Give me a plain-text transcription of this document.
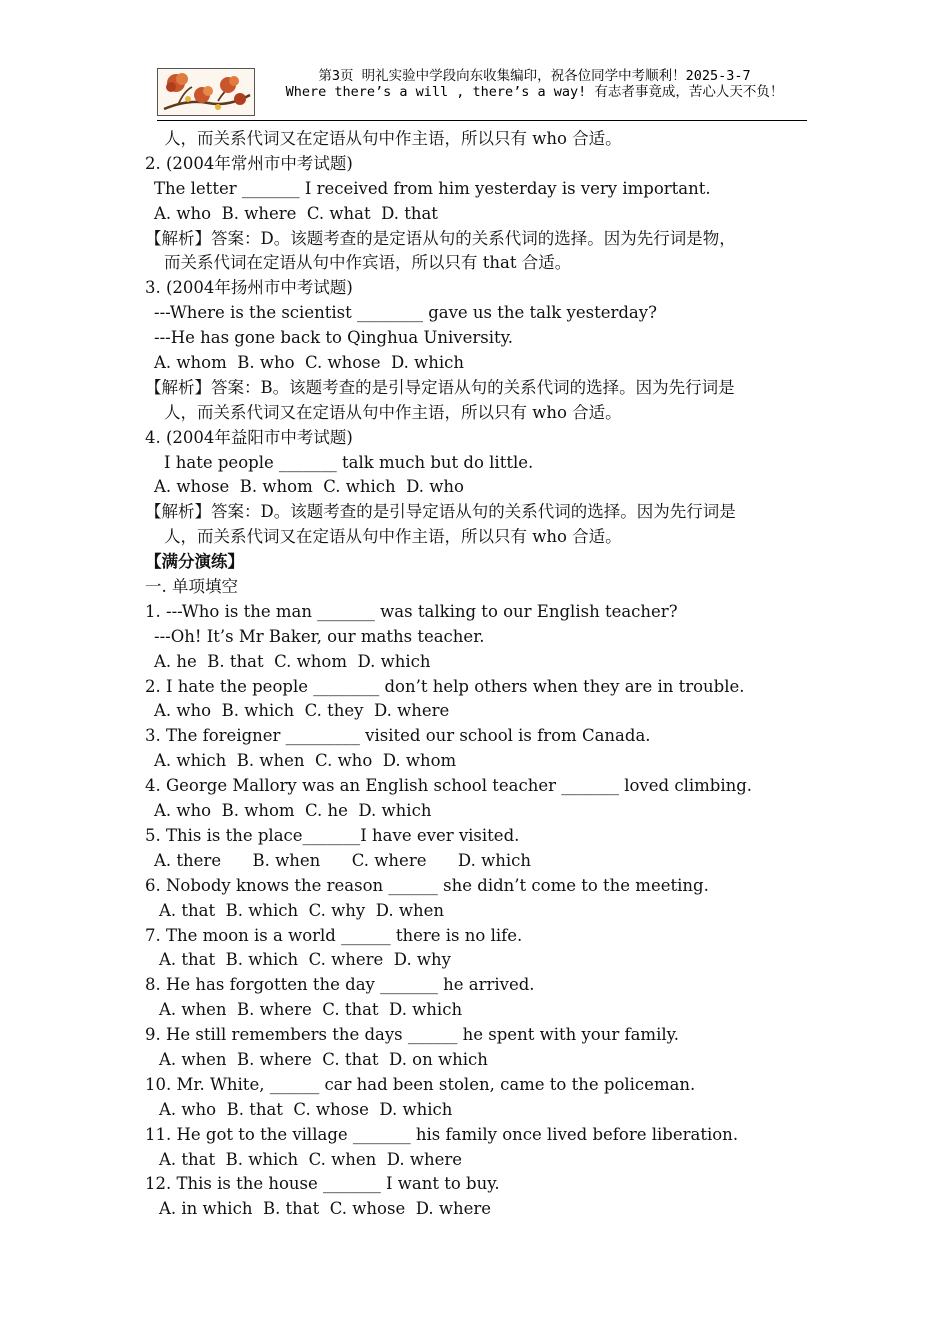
第3页 明礼实验中学段向东收集编印，祝各位同学中考顺利！2025-3-7
Where there’s a will , there’s a way! 有志者事竟成，苦心人天不负！
人，而关系代词又在定语从句中作主语，所以只有 who 合适。
2. (2004年常州市中考试题)
The letter _______ I received from him yesterday is very important.
A. who  B. where  C. what  D. that
【解析】答案：D。该题考查的是定语从句的关系代词的选择。因为先行词是物，
而关系代词在定语从句中作宾语，所以只有 that 合适。
3. (2004年扬州市中考试题)
---Where is the scientist ________ gave us the talk yesterday?
---He has gone back to Qinghua University.
A. whom  B. who  C. whose  D. which
【解析】答案：B。该题考查的是引导定语从句的关系代词的选择。因为先行词是
人，而关系代词又在定语从句中作主语，所以只有 who 合适。
4. (2004年益阳市中考试题)
I hate people _______ talk much but do little.
A. whose  B. whom  C. which  D. who
【解析】答案：D。该题考查的是引导定语从句的关系代词的选择。因为先行词是
人，而关系代词又在定语从句中作主语，所以只有 who 合适。
【满分演练】
一. 单项填空
1. ---Who is the man _______ was talking to our English teacher?
---Oh! It’s Mr Baker, our maths teacher.
A. he  B. that  C. whom  D. which
2. I hate the people ________ don’t help others when they are in trouble.
A. who  B. which  C. they  D. where
3. The foreigner _________ visited our school is from Canada.
A. which  B. when  C. who  D. whom
4. George Mallory was an English school teacher _______ loved climbing.
A. who  B. whom  C. he  D. which
5. This is the place_______I have ever visited.
A. there      B. when      C. where      D. which
6. Nobody knows the reason ______ she didn’t come to the meeting.
A. that  B. which  C. why  D. when
7. The moon is a world ______ there is no life.
A. that  B. which  C. where  D. why
8. He has forgotten the day _______ he arrived.
A. when  B. where  C. that  D. which
9. He still remembers the days ______ he spent with your family.
A. when  B. where  C. that  D. on which
10. Mr. White, ______ car had been stolen, came to the policeman.
A. who  B. that  C. whose  D. which
11. He got to the village _______ his family once lived before liberation.
A. that  B. which  C. when  D. where
12. This is the house _______ I want to buy.
A. in which  B. that  C. whose  D. where
